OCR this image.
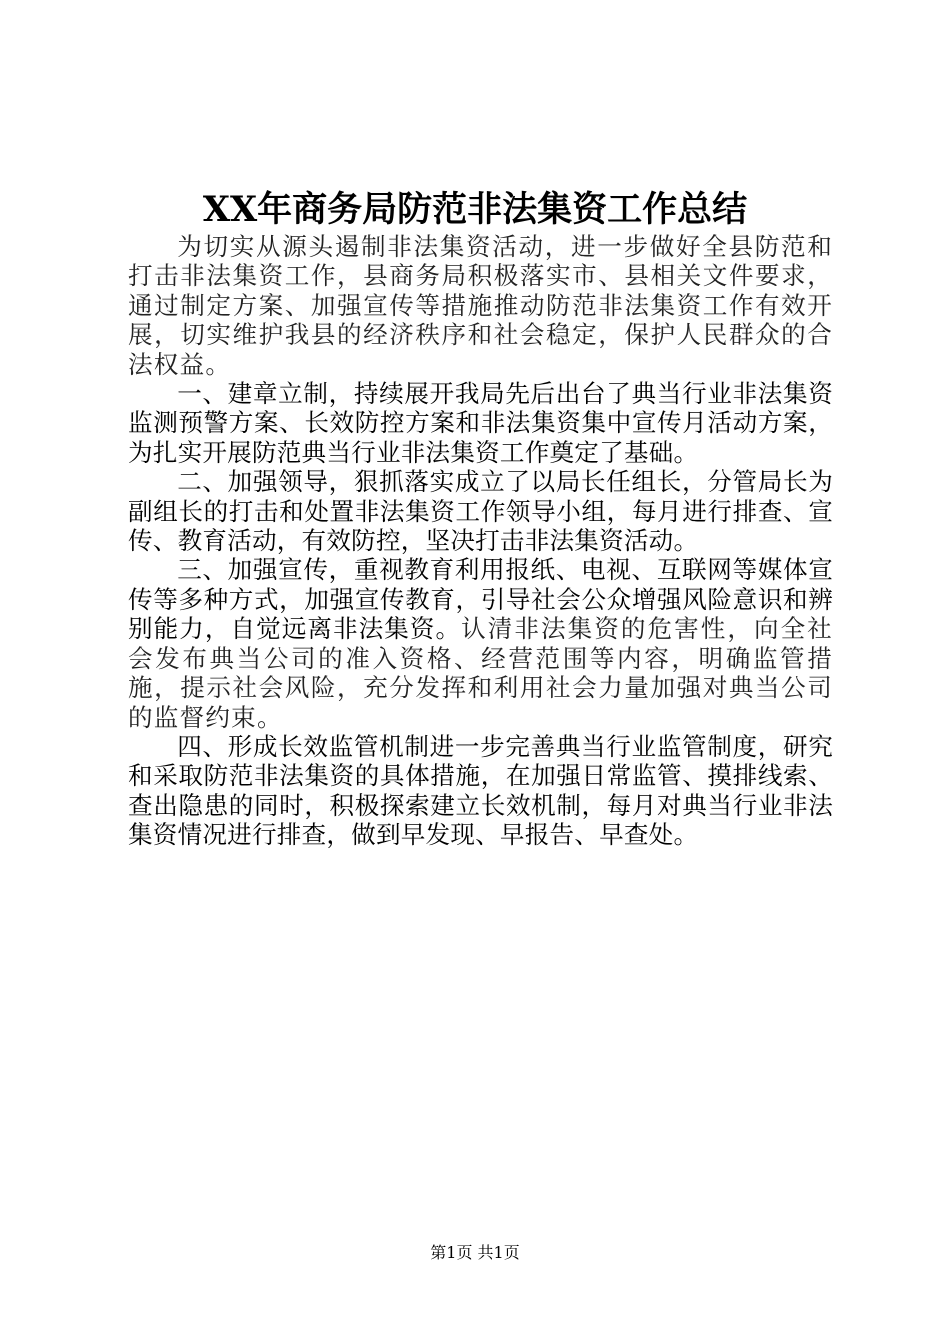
XX年商务局防范非法集资工作总结

为切实从源头遏制非法集资活动，进一步做好全县防范和打击非法集资工作，县商务局积极落实市、县相关文件要求，通过制定方案、加强宣传等措施推动防范非法集资工作有效开展，切实维护我县的经济秩序和社会稳定，保护人民群众的合法权益。

一、建章立制，持续展开我局先后出台了典当行业非法集资监测预警方案、长效防控方案和非法集资集中宣传月活动方案，为扎实开展防范典当行业非法集资工作奠定了基础。

二、加强领导，狠抓落实成立了以局长任组长，分管局长为副组长的打击和处置非法集资工作领导小组，每月进行排查、宣传、教育活动，有效防控，坚决打击非法集资活动。

三、加强宣传，重视教育利用报纸、电视、互联网等媒体宣传等多种方式，加强宣传教育，引导社会公众增强风险意识和辨别能力，自觉远离非法集资。认清非法集资的危害性，向全社会发布典当公司的准入资格、经营范围等内容，明确监管措施，提示社会风险，充分发挥和利用社会力量加强对典当公司的监督约束。

四、形成长效监管机制进一步完善典当行业监管制度，研究和采取防范非法集资的具体措施，在加强日常监管、摸排线索、查出隐患的同时，积极探索建立长效机制，每月对典当行业非法集资情况进行排查，做到早发现、早报告、早查处。

第1页 共1页
